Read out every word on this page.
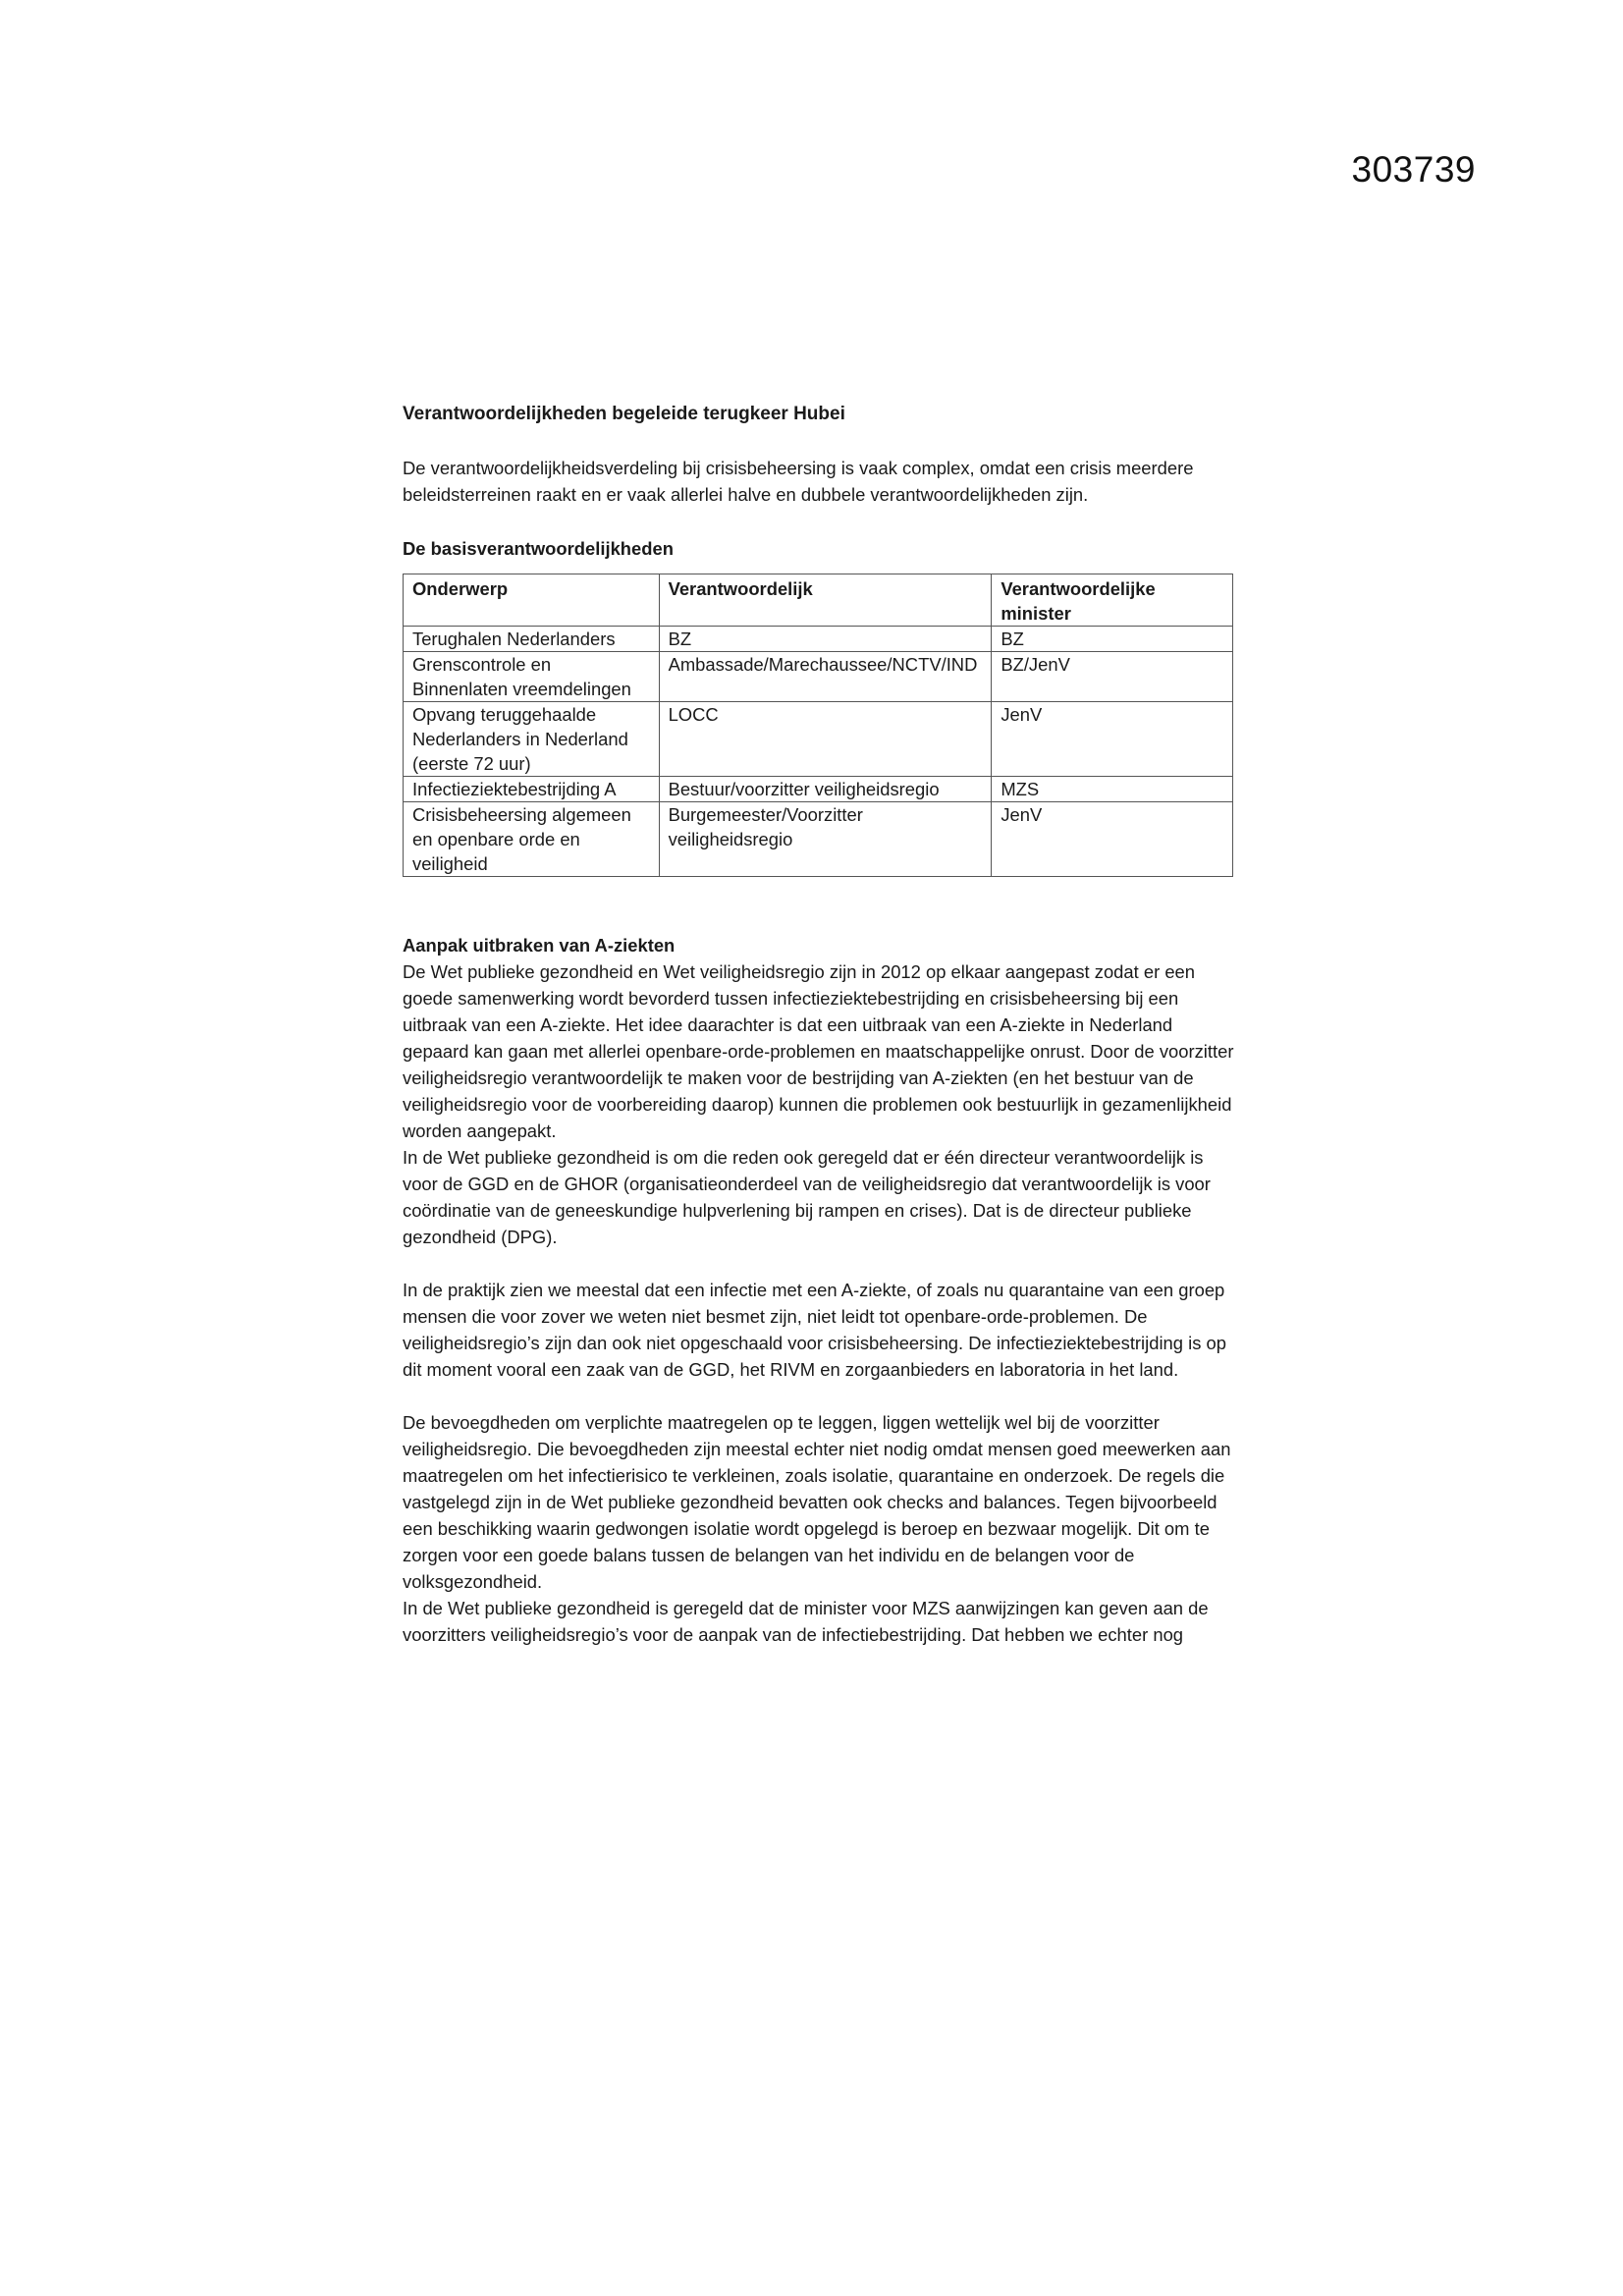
303739
Verantwoordelijkheden begeleide terugkeer Hubei

De verantwoordelijkheidsverdeling bij crisisbeheersing is vaak complex, omdat een crisis meerdere beleidsterreinen raakt en er vaak allerlei halve en dubbele verantwoordelijkheden zijn.

De basisverantwoordelijkheden
Onderwerp	Verantwoordelijk	Verantwoordelijke minister
Terughalen Nederlanders	BZ	BZ
Grenscontrole en Binnenlaten vreemdelingen	Ambassade/Marechaussee/NCTV/IND	BZ/JenV
Opvang teruggehaalde Nederlanders in Nederland (eerste 72 uur)	LOCC	JenV
Infectieziektebestrijding A	Bestuur/voorzitter veiligheidsregio	MZS
Crisisbeheersing algemeen en openbare orde en veiligheid	Burgemeester/Voorzitter veiligheidsregio	JenV
Aanpak uitbraken van A-ziekten

De Wet publieke gezondheid en Wet veiligheidsregio zijn in 2012 op elkaar aangepast zodat er een goede samenwerking wordt bevorderd tussen infectieziektebestrijding en crisisbeheersing bij een uitbraak van een A-ziekte. Het idee daarachter is dat een uitbraak van een A-ziekte in Nederland gepaard kan gaan met allerlei openbare-orde-problemen en maatschappelijke onrust. Door de voorzitter veiligheidsregio verantwoordelijk te maken voor de bestrijding van A-ziekten (en het bestuur van de veiligheidsregio voor de voorbereiding daarop) kunnen die problemen ook bestuurlijk in gezamenlijkheid worden aangepakt.

In de Wet publieke gezondheid is om die reden ook geregeld dat er één directeur verantwoordelijk is voor de GGD en de GHOR (organisatieonderdeel van de veiligheidsregio dat verantwoordelijk is voor coördinatie van de geneeskundige hulpverlening bij rampen en crises). Dat is de directeur publieke gezondheid (DPG).

In de praktijk zien we meestal dat een infectie met een A-ziekte, of zoals nu quarantaine van een groep mensen die voor zover we weten niet besmet zijn, niet leidt tot openbare-orde-problemen. De veiligheidsregio’s zijn dan ook niet opgeschaald voor crisisbeheersing. De infectieziektebestrijding is op dit moment vooral een zaak van de GGD, het RIVM en zorgaanbieders en laboratoria in het land.

De bevoegdheden om verplichte maatregelen op te leggen, liggen wettelijk wel bij de voorzitter veiligheidsregio. Die bevoegdheden zijn meestal echter niet nodig omdat mensen goed meewerken aan maatregelen om het infectierisico te verkleinen, zoals isolatie, quarantaine en onderzoek. De regels die vastgelegd zijn in de Wet publieke gezondheid bevatten ook checks and balances. Tegen bijvoorbeeld een beschikking waarin gedwongen isolatie wordt opgelegd is beroep en bezwaar mogelijk. Dit om te zorgen voor een goede balans tussen de belangen van het individu en de belangen voor de volksgezondheid.

In de Wet publieke gezondheid is geregeld dat de minister voor MZS aanwijzingen kan geven aan de voorzitters veiligheidsregio’s voor de aanpak van de infectiebestrijding. Dat hebben we echter nog
